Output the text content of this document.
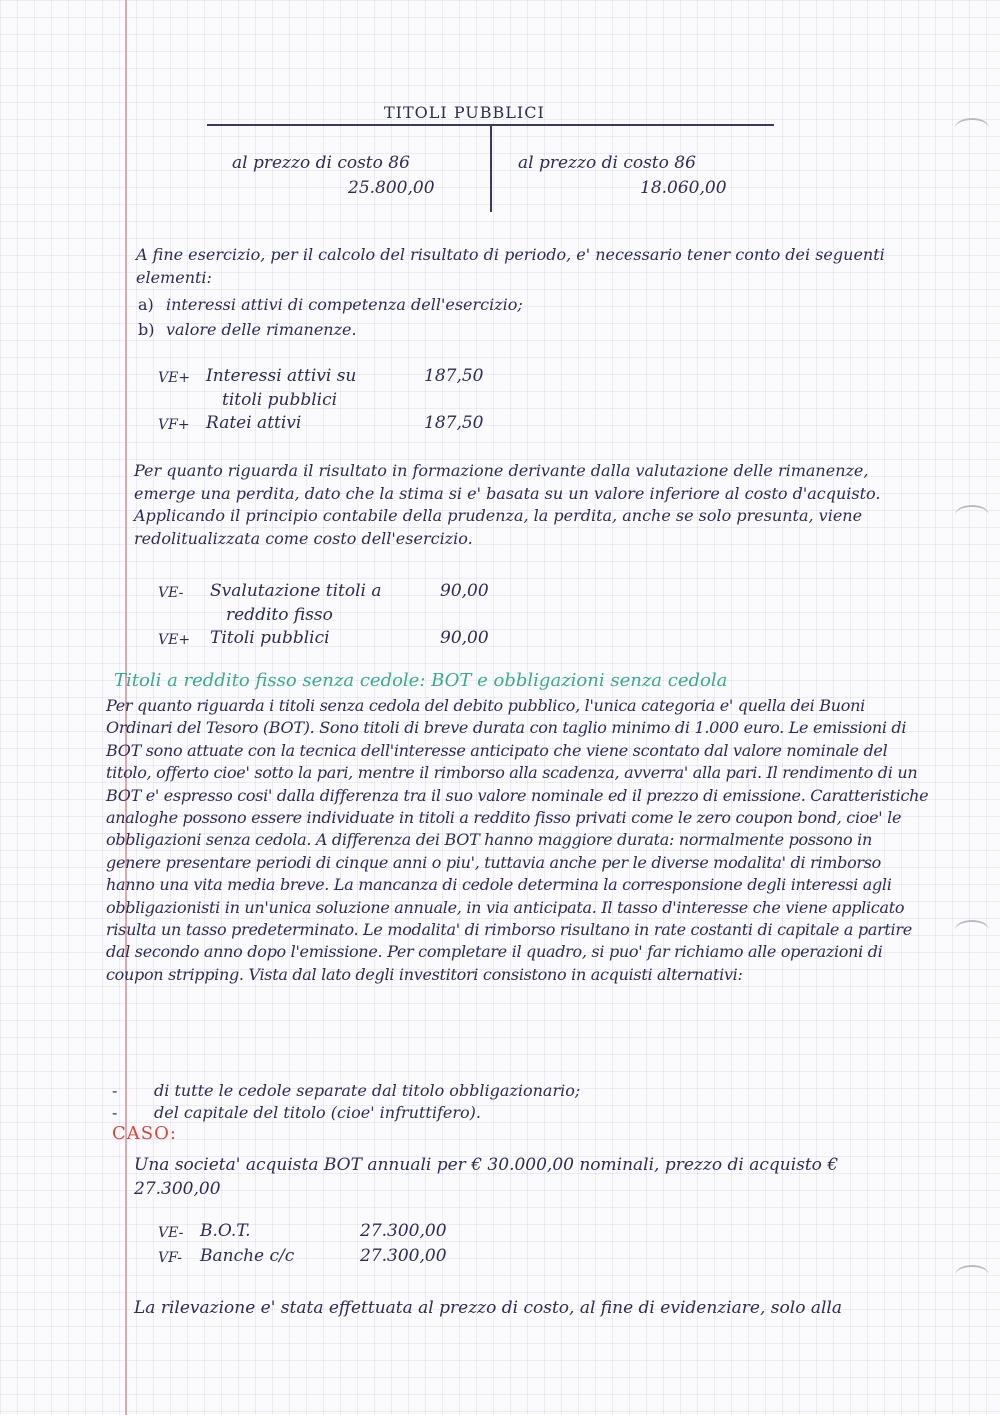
TITOLI PUBBLICI
al prezzo di costo 86
25.800,00
al prezzo di costo 86
18.060,00
A fine esercizio, per il calcolo del risultato di periodo, e' necessario tener conto dei seguenti elementi:
a) interessi attivi di competenza dell'esercizio;
b) valore delle rimanenze.
VE+ Interessi attivi su	187,50
titoli pubblici
VF+ Ratei attivi	187,50
Per quanto riguarda il risultato in formazione derivante dalla valutazione delle rimanenze, emerge una perdita, dato che la stima si e' basata su un valore inferiore al costo d'acquisto. Applicando il principio contabile della prudenza, la perdita, anche se solo presunta, viene redolitualizzata come costo dell'esercizio.
VE- Svalutazione titoli a	90,00
reddito fisso
VE+ Titoli pubblici	90,00
Titoli a reddito fisso senza cedole: BOT e obbligazioni senza cedola
Per quanto riguarda i titoli senza cedola del debito pubblico, l'unica categoria e' quella dei Buoni Ordinari del Tesoro (BOT). Sono titoli di breve durata con taglio minimo di 1.000 euro. Le emissioni di BOT sono attuate con la tecnica dell'interesse anticipato che viene scontato dal valore nominale del titolo, offerto cioe' sotto la pari, mentre il rimborso alla scadenza, avverra' alla pari. Il rendimento di un BOT e' espresso cosi' dalla differenza tra il suo valore nominale ed il prezzo di emissione. Caratteristiche analoghe possono essere individuate in titoli a reddito fisso privati come le zero coupon bond, cioe' le obbligazioni senza cedola. A differenza dei BOT hanno maggiore durata: normalmente possono in genere presentare periodi di cinque anni o piu', tuttavia anche per le diverse modalita' di rimborso hanno una vita media breve. La mancanza di cedole determina la corresponsione degli interessi agli obbligazionisti in un'unica soluzione annuale, in via anticipata. Il tasso d'interesse che viene applicato risulta un tasso predeterminato. Le modalita' di rimborso risultano in rate costanti di capitale a partire dal secondo anno dopo l'emissione. Per completare il quadro, si puo' far richiamo alle operazioni di coupon stripping. Vista dal lato degli investitori consistono in acquisti alternativi:
- di tutte le cedole separate dal titolo obbligazionario;
- del capitale del titolo (cioe' infruttifero).
CASO:
Una societa' acquista BOT annuali per € 30.000,00 nominali, prezzo di acquisto € 27.300,00
VE- B.O.T.	27.300,00
VF- Banche c/c	27.300,00
La rilevazione e' stata effettuata al prezzo di costo, al fine di evidenziare, solo alla
